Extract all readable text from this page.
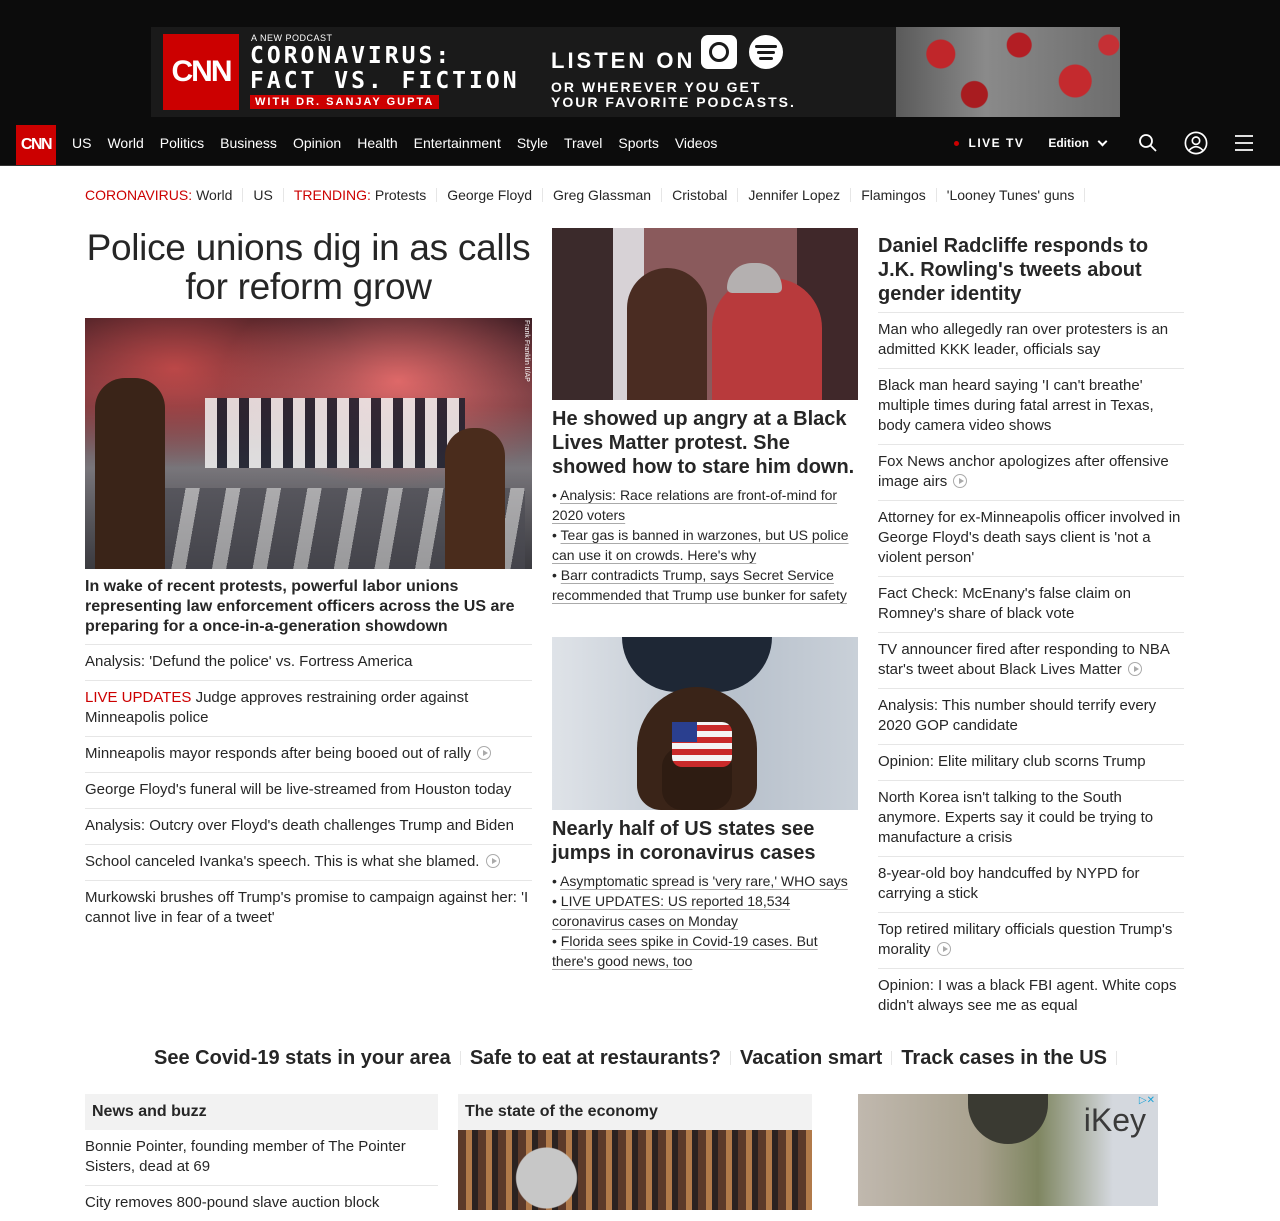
CNN
A NEW PODCAST
CORONAVIRUS:
FACT VS. FICTION
WITH DR. SANJAY GUPTA
LISTEN ON
OR WHEREVER YOU GET
YOUR FAVORITE PODCASTS.
CNN	US	World	Politics	Business	Opinion	Health	Entertainment	Style	Travel	Sports	Videos	LIVE TV Edition
CORONAVIRUS: World US TRENDING: Protests George Floyd Greg Glassman Cristobal Jennifer Lopez Flamingos 'Looney Tunes' guns
Police unions dig in as calls for reform grow
Frank Franklin II/AP
In wake of recent protests, powerful labor unions representing law enforcement officers across the US are preparing for a once-in-a-generation showdown
Analysis: 'Defund the police' vs. Fortress America
LIVE UPDATES Judge approves restraining order against Minneapolis police
Minneapolis mayor responds after being booed out of rally
George Floyd's funeral will be live-streamed from Houston today
Analysis: Outcry over Floyd's death challenges Trump and Biden
School canceled Ivanka's speech. This is what she blamed.
Murkowski brushes off Trump's promise to campaign against her: 'I cannot live in fear of a tweet'
He showed up angry at a Black Lives Matter protest. She showed how to stare him down.
• Analysis: Race relations are front-of-mind for 2020 voters
• Tear gas is banned in warzones, but US police can use it on crowds. Here's why
• Barr contradicts Trump, says Secret Service recommended that Trump use bunker for safety
Nearly half of US states see jumps in coronavirus cases
• Asymptomatic spread is 'very rare,' WHO says
• LIVE UPDATES: US reported 18,534 coronavirus cases on Monday
• Florida sees spike in Covid-19 cases. But there's good news, too
Daniel Radcliffe responds to J.K. Rowling's tweets about gender identity
Man who allegedly ran over protesters is an admitted KKK leader, officials say
Black man heard saying 'I can't breathe' multiple times during fatal arrest in Texas, body camera video shows
Fox News anchor apologizes after offensive image airs
Attorney for ex-Minneapolis officer involved in George Floyd's death says client is 'not a violent person'
Fact Check: McEnany's false claim on Romney's share of black vote
TV announcer fired after responding to NBA star's tweet about Black Lives Matter
Analysis: This number should terrify every 2020 GOP candidate
Opinion: Elite military club scorns Trump
North Korea isn't talking to the South anymore. Experts say it could be trying to manufacture a crisis
8-year-old boy handcuffed by NYPD for carrying a stick
Top retired military officials question Trump's morality
Opinion: I was a black FBI agent. White cops didn't always see me as equal
See Covid-19 stats in your area Safe to eat at restaurants? Vacation smart Track cases in the US
News and buzz
Bonnie Pointer, founding member of The Pointer Sisters, dead at 69
City removes 800-pound slave auction block
The state of the economy	iKey
▷✕
